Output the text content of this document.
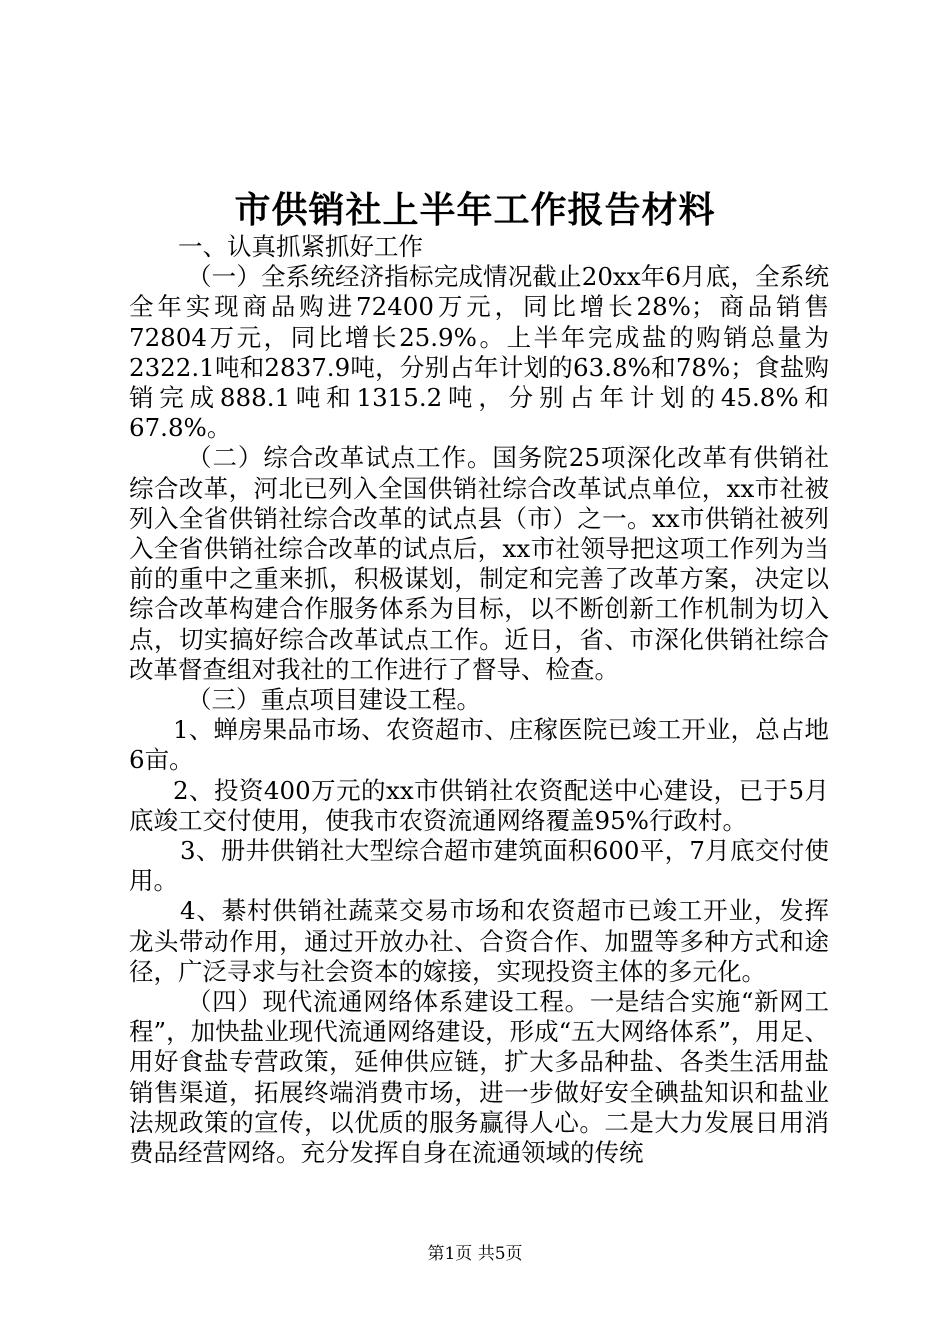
市供销社上半年工作报告材料

一、认真抓紧抓好工作

（一）全系统经济指标完成情况截止20xx年6月底，全系统全年实现商品购进72400万元，同比增长28%；商品销售72804万元，同比增长25.9%。上半年完成盐的购销总量为2322.1吨和2837.9吨，分别占年计划的63.8%和78%；食盐购销完成888.1吨和1315.2吨，分别占年计划的45.8%和67.8%。

（二）综合改革试点工作。国务院25项深化改革有供销社综合改革，河北已列入全国供销社综合改革试点单位，xx市社被列入全省供销社综合改革的试点县（市）之一。xx市供销社被列入全省供销社综合改革的试点后，xx市社领导把这项工作列为当前的重中之重来抓，积极谋划，制定和完善了改革方案，决定以综合改革构建合作服务体系为目标，以不断创新工作机制为切入点，切实搞好综合改革试点工作。近日，省、市深化供销社综合改革督查组对我社的工作进行了督导、检查。

（三）重点项目建设工程。

1、蝉房果品市场、农资超市、庄稼医院已竣工开业，总占地6亩。

2、投资400万元的xx市供销社农资配送中心建设，已于5月底竣工交付使用，使我市农资流通网络覆盖95%行政村。

3、册井供销社大型综合超市建筑面积600平，7月底交付使用。

4、綦村供销社蔬菜交易市场和农资超市已竣工开业，发挥龙头带动作用，通过开放办社、合资合作、加盟等多种方式和途径，广泛寻求与社会资本的嫁接，实现投资主体的多元化。

（四）现代流通网络体系建设工程。一是结合实施“新网工程”，加快盐业现代流通网络建设，形成“五大网络体系”，用足、用好食盐专营政策，延伸供应链，扩大多品种盐、各类生活用盐销售渠道，拓展终端消费市场，进一步做好安全碘盐知识和盐业法规政策的宣传，以优质的服务赢得人心。二是大力发展日用消费品经营网络。充分发挥自身在流通领域的传统

第1页 共5页
